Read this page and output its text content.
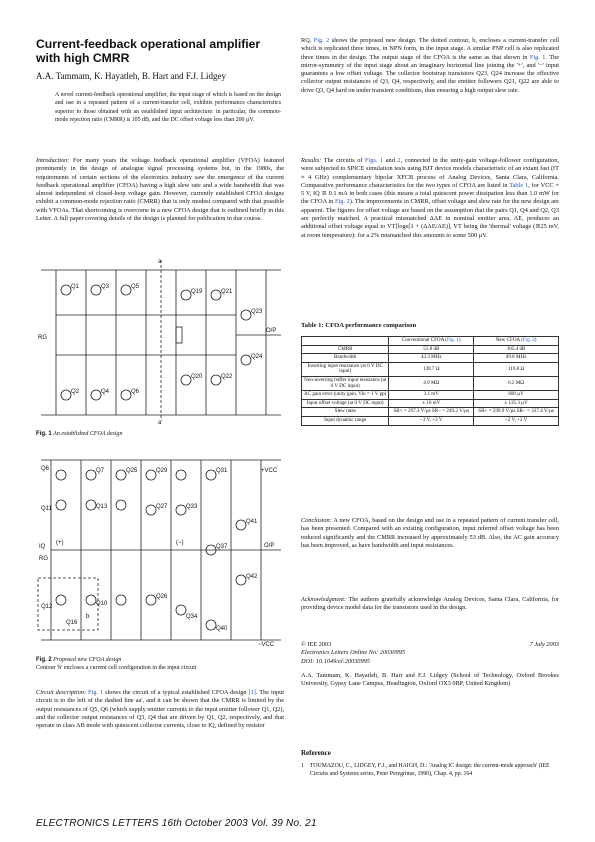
Current-feedback operational amplifier with high CMRR
A.A. Tammam, K. Hayatleh, B. Hart and F.J. Lidgey
A novel current-feedback operational amplifier, the input stage of which is based on the design and use in a repeated pattern of a current-transfer cell, exhibits performance characteristics superior to those obtained with an established input architecture: in particular, the common-mode rejection ratio (CMRR) is 105 dB, and the DC offset voltage less than 200 µV.
Introduction: For many years the voltage feedback operational amplifier (VFOA) featured prominently in the design of analogue signal processing systems but, in the 1980s, the requirements of certain sections of the electronics industry saw the emergence of the current feedback operational amplifier (CFOA) having a high slew rate and a wide bandwidth that was almost independent of closed-loop voltage gain. However, currently established CFOA designs exhibit a common-mode rejection ratio (CMRR) that is only modest compared with that possible with VFOAs. That shortcoming is overcome in a new CFOA design that is outlined briefly in this Letter. A full paper covering details of the design is planned for publication in due course.
Q1	Q3	Q5
Q2	Q4	Q6
Q19	Q21
Q23
Q20	Q22
Q24
a
a'
RG
O/P
Fig. 1 An established CFOA design
Q6	Q7	Q25	Q29	Q31	+VCC
Q11	Q13	Q27	Q33
Q41
IQ
RG
(+)	(−)
Q37	O/P
Q12	Q10
Q16
b
Q26
Q34
Q40
Q42
−VCC
Fig. 2 Proposed new CFOA design
Contour 'b' encloses a current cell configuration in the input circuit
Circuit description: Fig. 1 shows the circuit of a typical established CFOA design [1]. The input circuit is to the left of the dashed line aa', and it can be shown that the CMRR is limited by the output resistances of Q5, Q6 (which supply emitter currents to the input emitter follower Q1, Q2), and the collector output resistances of Q3, Q4 that are driven by Q1, Q2, respectively, and that operate in class AB mode with quiescent collector currents, close to IQ, defined by resistor
RQ. Fig. 2 shows the proposed new design. The dotted contour, b, encloses a current-transfer cell which is replicated three times, in NPN form, in the input stage. A similar PNP cell is also replicated three times in the design. The output stage of the CFOA is the same as that shown in Fig. 1. The mirror-symmetry of the input stage about an imaginary horizontal line joining the '+', and '−' input guarantees a low offset voltage. The collector bootstrap transistors Q23, Q24 increase the effective collector output resistances of Q3, Q4, respectively, and the emitter followers Q21, Q22 are able to drive Q3, Q4 hard on under transient conditions, thus ensuring a high output slew rate.
Results: The circuits of Figs. 1 and 2, connected in the unity-gain voltage-follower configuration, were subjected to SPICE simulation tests using BJT device models characteristic of an extant fast (fT ≈ 4 GHz) complementary bipolar XFCB process of Analog Devices, Santa Clara, California. Comparative performance characteristics for the two types of CFOA are listed in Table 1, for VCC = 5 V, IQ ≅ 0.1 mA in both cases (this means a total quiescent power dissipation less than 1.0 mW for the CFOA in Fig. 2). The improvements in CMRR, offset voltage and slew rate for the new design are apparent. The figures for offset voltage are based on the assumption that the pairs Q1, Q4 and Q2, Q3 are perfectly matched. A practical mismatched ΔAE in nominal emitter area, AE, produces an additional offset voltage equal to VT[loge[1 + (ΔAE/AE)], VT being the 'thermal' voltage (≅25 mV, at room temperature): for a 2% mismatched this amounts to some 500 µV.
Table 1: CFOA performance comparison
	Conventional CFOA (Fig. 1)	New CFOA (Fig. 2)
CMRR	51.8 dB	105.4 dB
Bandwidth	43.3 MHz	49.8 MHz
Inverting input resistance (at 0 V DC input)	128.7 Ω	119.8 Ω
Non-inverting buffer input resistance (at 0 V DC input)	4.9 MΩ	6.2 MΩ
AC gain error (unity gain, Vin = 1 V pp)	3.1 mV	600 µV
Input offset voltage (at 0 V DC input)	± 10 mV	± 135.3 µV
Slew rates	SR+ = 297.3 V/µs SR− = 249.2 V/µs	SR+ = 599.9 V/µs SR− = 337.4 V/µs
Input dynamic range	−3 V, +3 V	−2 V, +2 V
Conclusion: A new CFOA, based on the design and use in a repeated pattern of current transfer cell, has been presented. Compared with an existing configuration, input referred offset voltage has been reduced significantly and the CMRR increased by approximately 53 dB. Also, the AC gain accuracy has been improved, as have bandwidth and input resistances.
Acknowledgment: The authors gratefully acknowledge Analog Devices, Santa Clara, California, for providing device model data for the transistors used in the design.
© IEE 2003	7 July 2003
Electronics Letters Online No: 20030995
DOI: 10.1049/el:20030995
A.A. Tammam, K. Hayatleh, B. Hart and F.J. Lidgey (School of Technology, Oxford Brookes University, Gypsy Lane Campus, Headington, Oxford OX3 0BP, United Kingdom)
Reference
1 TOUMAZOU, C., LIDGEY, F.J., and HAIGH, D.: 'Analog IC design: the current-mode approach' (IEE Circuits and Systems series, Peter Peregrinus, 1990), Chap. 4, pp. 164
ELECTRONICS LETTERS 16th October 2003 Vol. 39 No. 21
